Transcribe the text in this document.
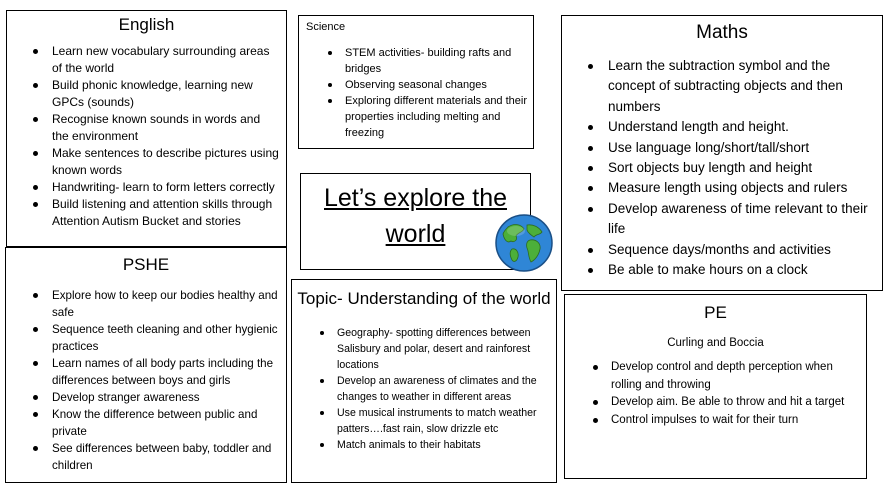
English
Learn new vocabulary surrounding areas of the world
Build phonic knowledge, learning new GPCs (sounds)
Recognise known sounds in words and the environment
Make sentences to describe pictures using known words
Handwriting- learn to form letters correctly
Build listening and attention skills through Attention Autism Bucket and stories
Science
STEM activities- building rafts and bridges
Observing seasonal changes
Exploring different materials and their properties including melting and freezing
Maths
Learn the subtraction symbol and the concept of subtracting objects and then numbers
Understand length and height.
Use language long/short/tall/short
Sort objects buy length and height
Measure length using objects and rulers
Develop awareness of time relevant to their life
Sequence days/months and activities
Be able to make hours on a clock
Let’s explore the
world
PSHE
Explore how to keep our bodies healthy and safe
Sequence teeth cleaning and other hygienic practices
Learn names of all body parts including the differences between boys and girls
Develop stranger awareness
Know the difference between public and private
See differences between baby, toddler and children
Topic- Understanding of the world
Geography- spotting differences between Salisbury and polar, desert and rainforest locations
Develop an awareness of climates and the changes to weather in different areas
Use musical instruments to match weather patters….fast rain, slow drizzle etc
Match animals to their habitats
PE
Curling and Boccia
Develop control and depth perception when rolling and throwing
Develop aim. Be able to throw and hit a target
Control impulses to wait for their turn
